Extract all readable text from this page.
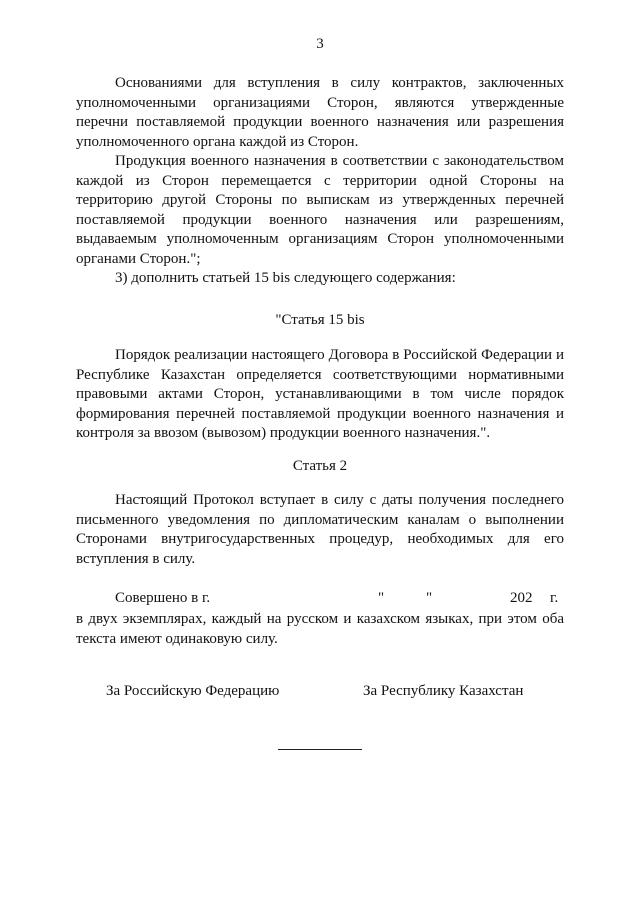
3

Основаниями для вступления в силу контрактов, заключенных уполномоченными организациями Сторон, являются утвержденные перечни поставляемой продукции военного назначения или разрешения уполномоченного органа каждой из Сторон.

Продукция военного назначения в соответствии с законодательством каждой из Сторон перемещается с территории одной Стороны на территорию другой Стороны по выпискам из утвержденных перечней поставляемой продукции военного назначения или разрешениям, выдаваемым уполномоченным организациям Сторон уполномоченными органами Сторон.";

3) дополнить статьей 15 bis следующего содержания:

"Статья 15 bis

Порядок реализации настоящего Договора в Российской Федерации и Республике Казахстан определяется соответствующими нормативными правовыми актами Сторон, устанавливающими в том числе порядок формирования перечней поставляемой продукции военного назначения и контроля за ввозом (вывозом) продукции военного назначения.".

Статья 2

Настоящий Протокол вступает в силу с даты получения последнего письменного уведомления по дипломатическим каналам о выполнении Сторонами внутригосударственных процедур, необходимых для его вступления в силу.

Совершено в г.	"	"	202 г.

в двух экземплярах, каждый на русском и казахском языках, при этом оба текста имеют одинаковую силу.

За Российскую Федерацию	За Республику Казахстан
